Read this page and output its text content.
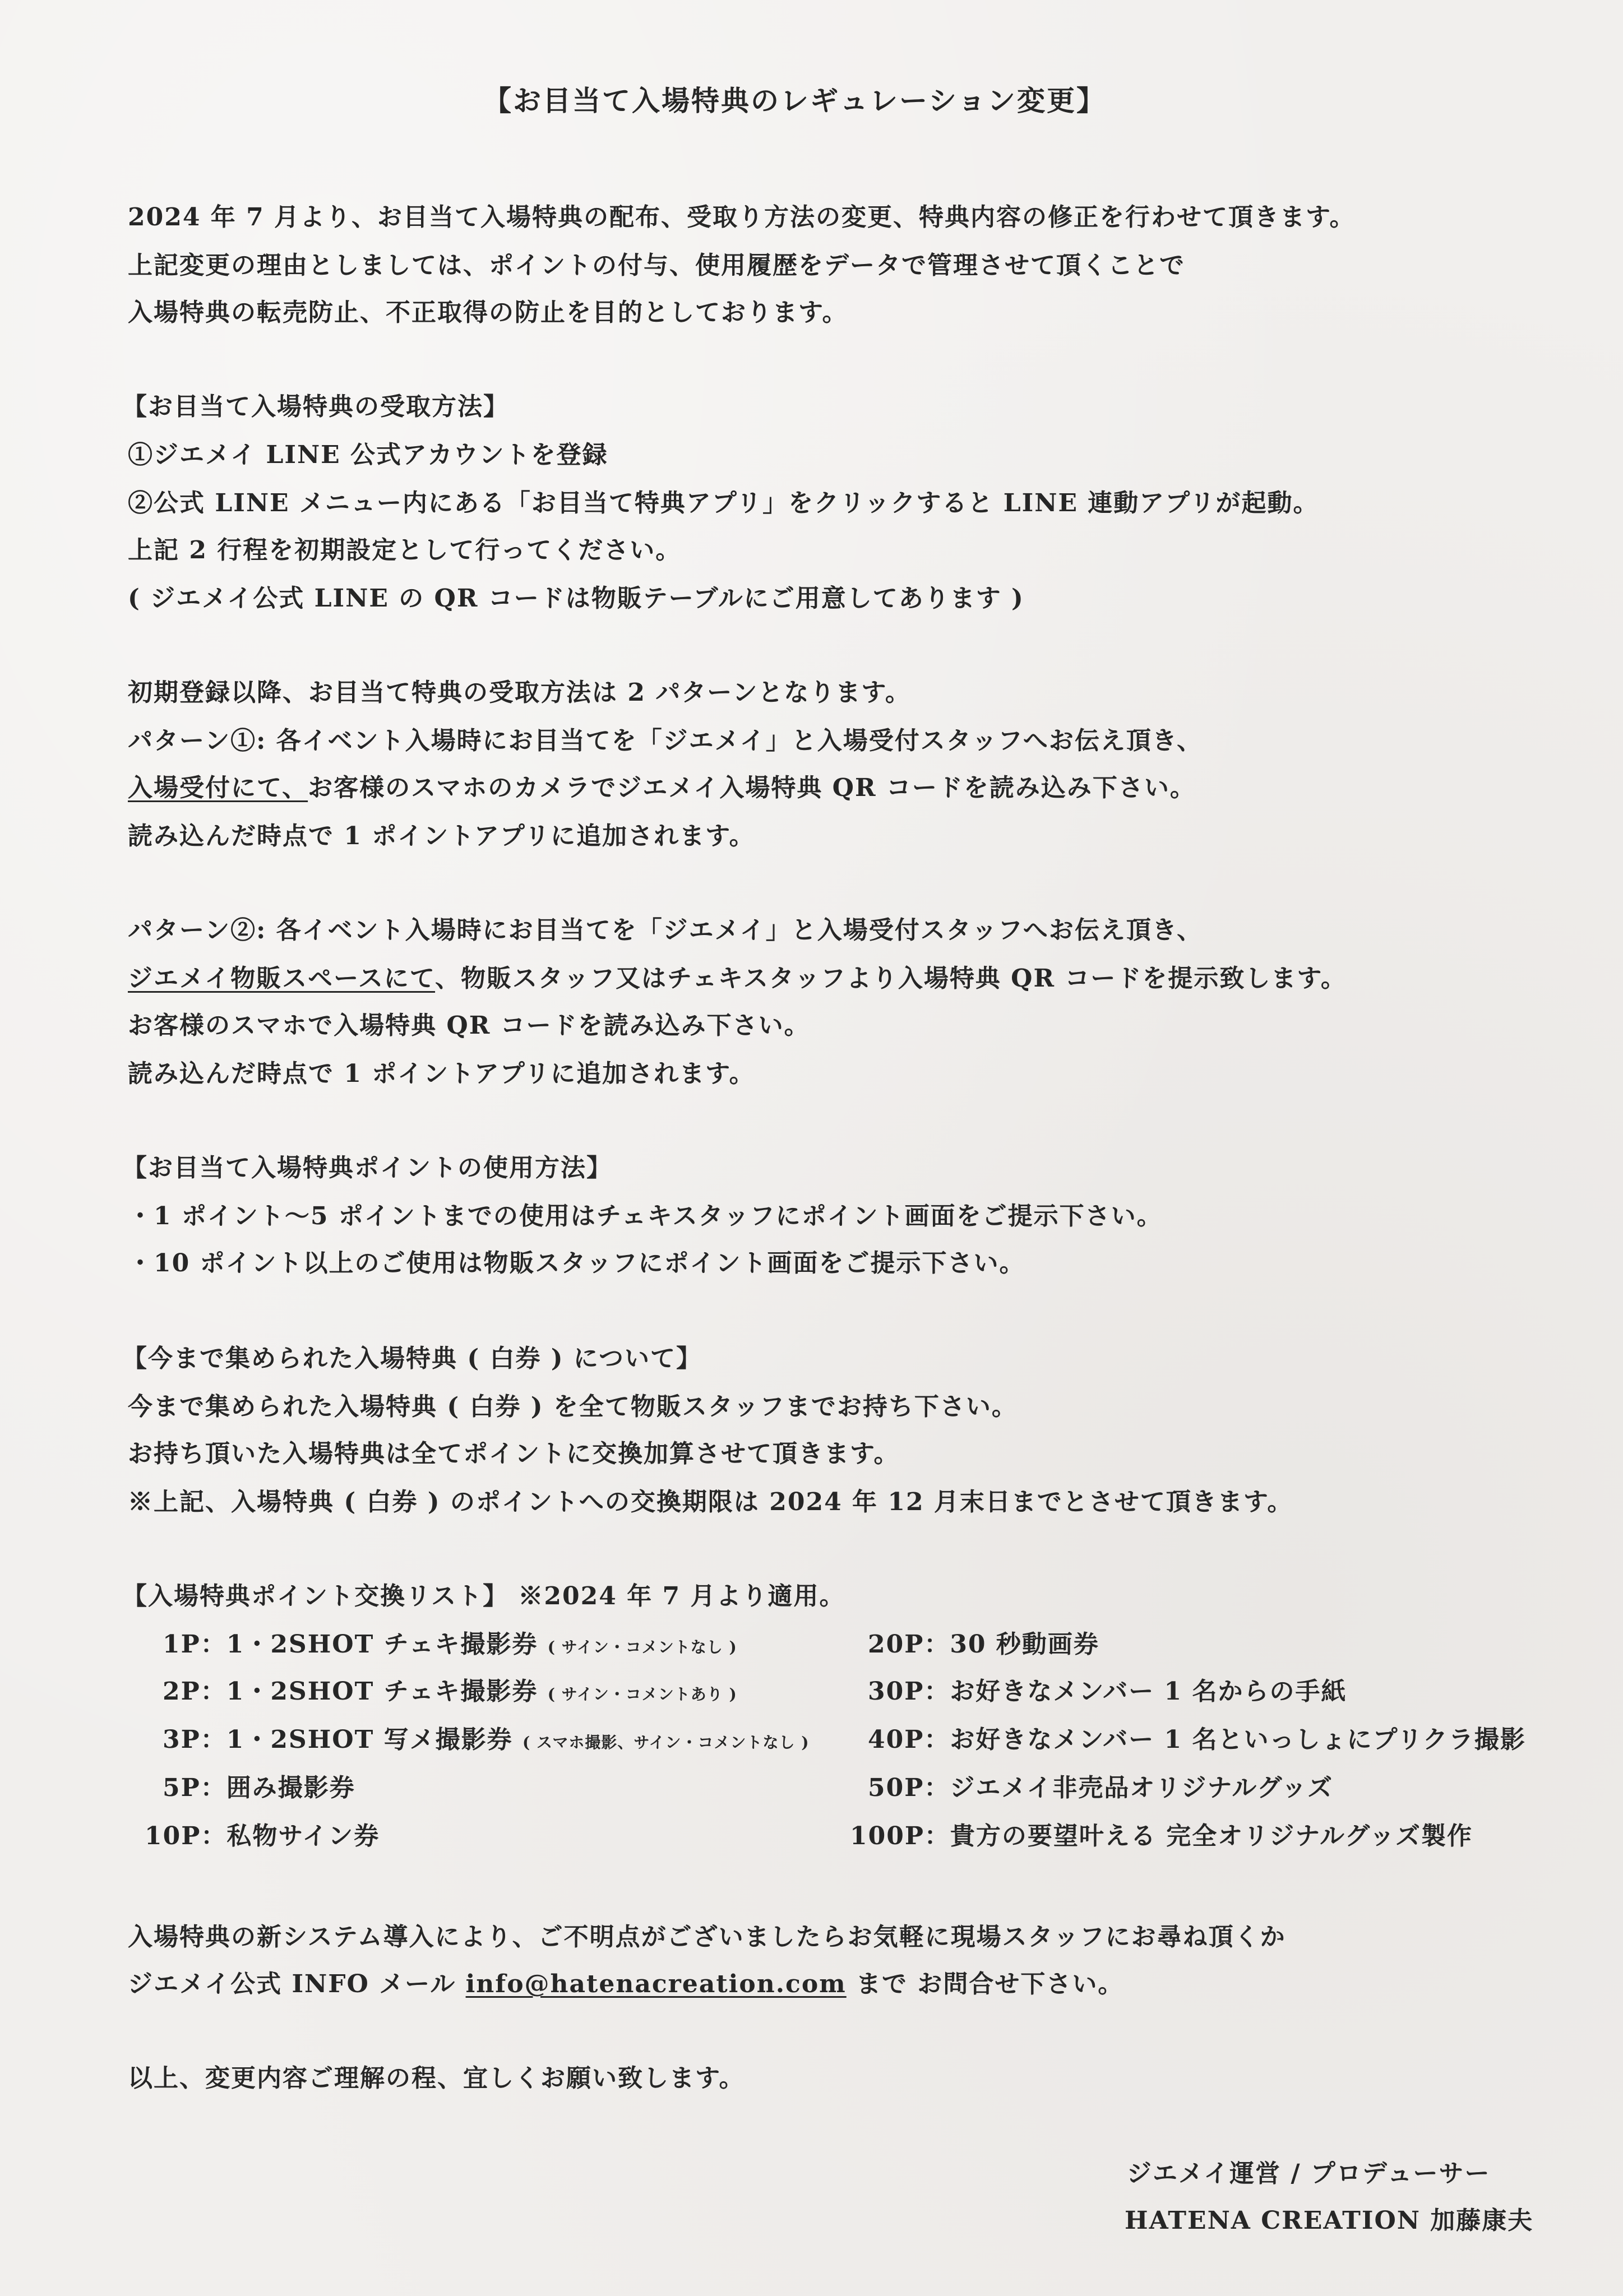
【お目当て入場特典のレギュレーション変更】
2024 年 7 月より、お目当て入場特典の配布、受取り方法の変更、特典内容の修正を行わせて頂きます。
上記変更の理由としましては、ポイントの付与、使用履歴をデータで管理させて頂くことで
入場特典の転売防止、不正取得の防止を目的としております。
【お目当て入場特典の受取方法】
①ジエメイ LINE 公式アカウントを登録
②公式 LINE メニュー内にある「お目当て特典アプリ」をクリックすると LINE 連動アプリが起動。
上記 2 行程を初期設定として行ってください。
( ジエメイ公式 LINE の QR コードは物販テーブルにご用意してあります )
初期登録以降、お目当て特典の受取方法は 2 パターンとなります。
パターン①: 各イベント入場時にお目当てを「ジエメイ」と入場受付スタッフへお伝え頂き、
入場受付にて、お客様のスマホのカメラでジエメイ入場特典 QR コードを読み込み下さい。
読み込んだ時点で 1 ポイントアプリに追加されます。
パターン②: 各イベント入場時にお目当てを「ジエメイ」と入場受付スタッフへお伝え頂き、
ジエメイ物販スペースにて、物販スタッフ又はチェキスタッフより入場特典 QR コードを提示致します。
お客様のスマホで入場特典 QR コードを読み込み下さい。
読み込んだ時点で 1 ポイントアプリに追加されます。
【お目当て入場特典ポイントの使用方法】
・1 ポイント〜5 ポイントまでの使用はチェキスタッフにポイント画面をご提示下さい。
・10 ポイント以上のご使用は物販スタッフにポイント画面をご提示下さい。
【今まで集められた入場特典 ( 白券 ) について】
今まで集められた入場特典 ( 白券 ) を全て物販スタッフまでお持ち下さい。
お持ち頂いた入場特典は全てポイントに交換加算させて頂きます。
※上記、入場特典 ( 白券 ) のポイントへの交換期限は 2024 年 12 月末日までとさせて頂きます。
【入場特典ポイント交換リスト】 ※2024 年 7 月より適用。
1P：1・2SHOT チェキ撮影券 ( サイン・コメントなし )
2P：1・2SHOT チェキ撮影券 ( サイン・コメントあり )
3P：1・2SHOT 写メ撮影券 ( スマホ撮影、サイン・コメントなし )
5P：囲み撮影券
10P：私物サイン券
20P：30 秒動画券
30P：お好きなメンバー 1 名からの手紙
40P：お好きなメンバー 1 名といっしょにプリクラ撮影
50P：ジエメイ非売品オリジナルグッズ
100P：貴方の要望叶える 完全オリジナルグッズ製作
入場特典の新システム導入により、ご不明点がございましたらお気軽に現場スタッフにお尋ね頂くか
ジエメイ公式 INFO メール info@hatenacreation.com まで お問合せ下さい。
以上、変更内容ご理解の程、宜しくお願い致します。
ジエメイ運営 / プロデューサー
HATENA CREATION 加藤康夫
